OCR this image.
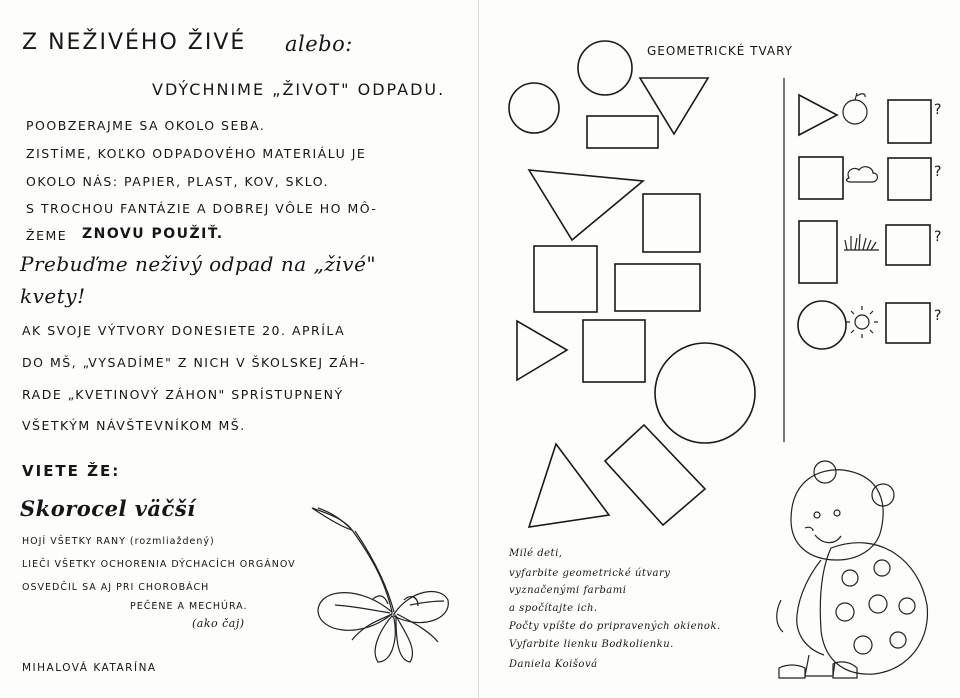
Z NEŽIVÉHO ŽIVÉ alebo:
VDÝCHNIME „ŽIVOT" ODPADU.
POOBZERAJME SA OKOLO SEBA.
ZISTÍME, KOĽKO ODPADOVÉHO MATERIÁLU JE
OKOLO NÁS: PAPIER, PLAST, KOV, SKLO.
S TROCHOU FANTÁZIE A DOBREJ VÔLE HO MÔ-
ŽEME ZNOVU POUŽIŤ.
Prebuďme neživý odpad na „živé"
kvety!
AK SVOJE VÝTVORY DONESIETE 20. APRÍLA
DO MŠ, „VYSADÍME" Z NICH V ŠKOLSKEJ ZÁH-
RADE „KVETINOVÝ ZÁHON" SPRÍSTUPNENÝ
VŠETKÝM NÁVŠTEVNÍKOM MŠ.
VIETE ŽE:
Skorocel väčší
HOJÍ VŠETKY RANY (rozmliaždený)
LIEČI VŠETKY OCHORENIA DÝCHACÍCH ORGÁNOV
OSVEDČIL SA AJ PRI CHOROBÁCH
PEČENE A MECHÚRA.
(ako čaj)
MIHALOVÁ KATARÍNA
GEOMETRICKÉ TVARY
?
?
?
?
Milé deti,
vyfarbite geometrické útvary
vyznačenými farbami
a spočítajte ich.
Počty vpíšte do pripravených okienok.
Vyfarbite lienku Bodkolienku.
Daniela Koišová
